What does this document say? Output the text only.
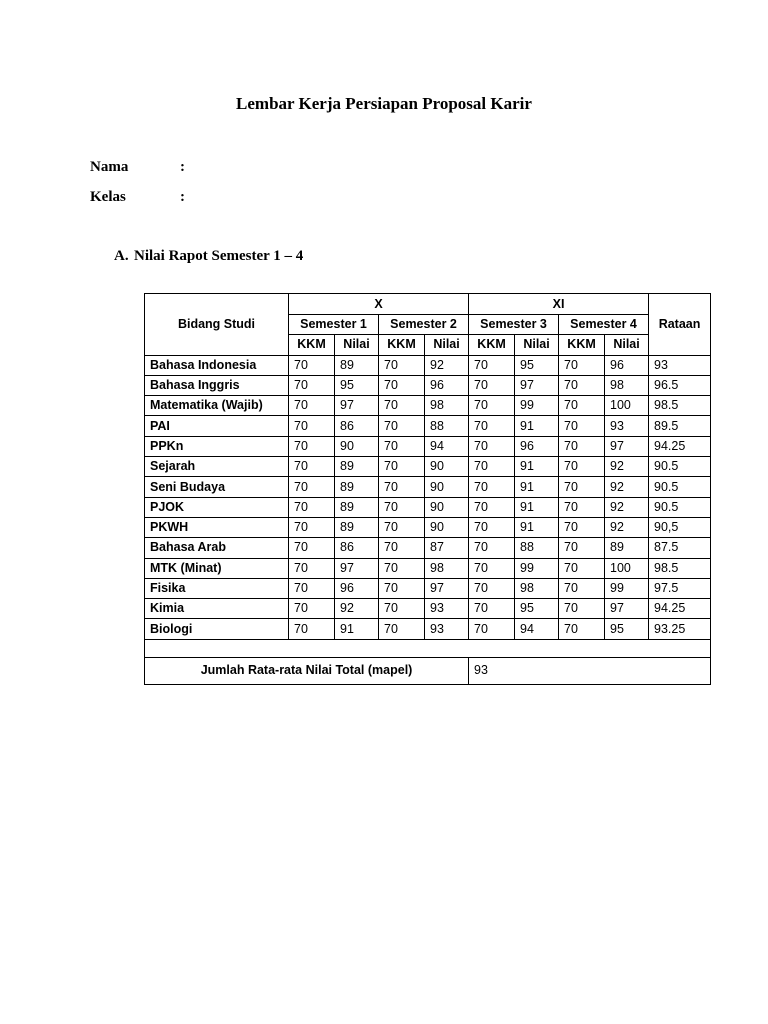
Lembar Kerja Persiapan Proposal Karir
Nama	:
Kelas	:
A. Nilai Rapot Semester 1 – 4
Bidang Studi	X				XI				Rataan
	Semester 1		Semester 2		Semester 3		Semester 4		
	KKM	Nilai	KKM	Nilai	KKM	Nilai	KKM	Nilai	
Bahasa Indonesia	70	89	70	92	70	95	70	96	93
Bahasa Inggris	70	95	70	96	70	97	70	98	96.5
Matematika (Wajib)	70	97	70	98	70	99	70	100	98.5
PAI	70	86	70	88	70	91	70	93	89.5
PPKn	70	90	70	94	70	96	70	97	94.25
Sejarah	70	89	70	90	70	91	70	92	90.5
Seni Budaya	70	89	70	90	70	91	70	92	90.5
PJOK	70	89	70	90	70	91	70	92	90.5
PKWH	70	89	70	90	70	91	70	92	90,5
Bahasa Arab	70	86	70	87	70	88	70	89	87.5
MTK (Minat)	70	97	70	98	70	99	70	100	98.5
Fisika	70	96	70	97	70	98	70	99	97.5
Kimia	70	92	70	93	70	95	70	97	94.25
Biologi	70	91	70	93	70	94	70	95	93.25

Jumlah Rata-rata Nilai Total (mapel)					93				
